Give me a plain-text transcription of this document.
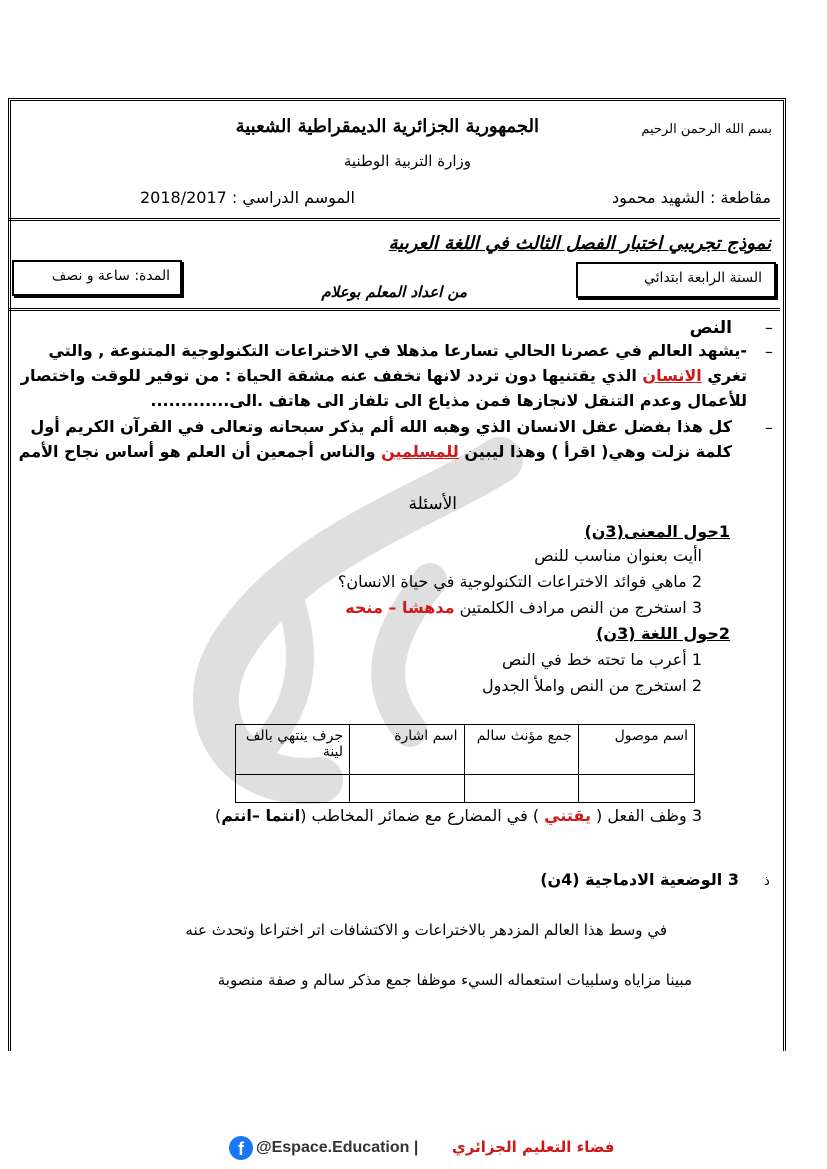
بسم الله الرحمن الرحيم
الجمهورية الجزائرية الديمقراطية الشعبية
وزارة التربية الوطنية
مقاطعة : الشهيد محمود
الموسم الدراسي : 2018/2017
نموذج تجريبي اختبار الفصل الثالث في اللغة العربية
السنة الرابعة ابتدائي
المدة: ساعة و نصف
من اعداد المعلم بوعلام
–
النص
–
-يشهد العالم في عصرنا الحالي تسارعا مذهلا في الاختراعات التكنولوجية المتنوعة , والتي
تغري الانسان الذي يقتنيها دون تردد لانها تخفف عنه مشقة الحياة : من توفير للوقت واختصار
للأعمال وعدم التنقل لانجازها فمن مذياع الى تلفاز الى هاتف .الى.............
–
كل هذا بفضل عقل الانسان الذي وهبه الله ألم يذكر سبحانه وتعالى في القرآن الكريم أول
كلمة نزلت وهي( اقرأ ) وهذا ليبين للمسلمين والناس أجمعين أن العلم هو أساس نجاح الأمم
الأسئلة
1حول المعنى(3ن)
اأيت بعنوان مناسب للنص
2 ماهي فوائد الاختراعات التكنولوجية في حياة الانسان؟
3 استخرج من النص مرادف الكلمتين مدهشا – منحه
2حول اللغة (3ن)
1 أعرب ما تحته خط في النص
2 استخرج من النص واملأ الجدول
اسم موصول	جمع مؤنث سالم	اسم اشارة	جرف ينتهي بالف لينة

3 وظف الفعل ( يقتني ) في المضارع مع ضمائر المخاطب (انتما –انتم)
ذ
3 الوضعية الادماجية (4ن)
في وسط هذا العالم المزدهر بالاختراعات و الاكتشافات اتر اختراعا وتحدث عنه
مبينا مزاياه وسلبيات استعماله السيء موظفا جمع مذكر سالم و صفة منصوبة
f @Espace.Education | فضاء التعليم الجزائري
